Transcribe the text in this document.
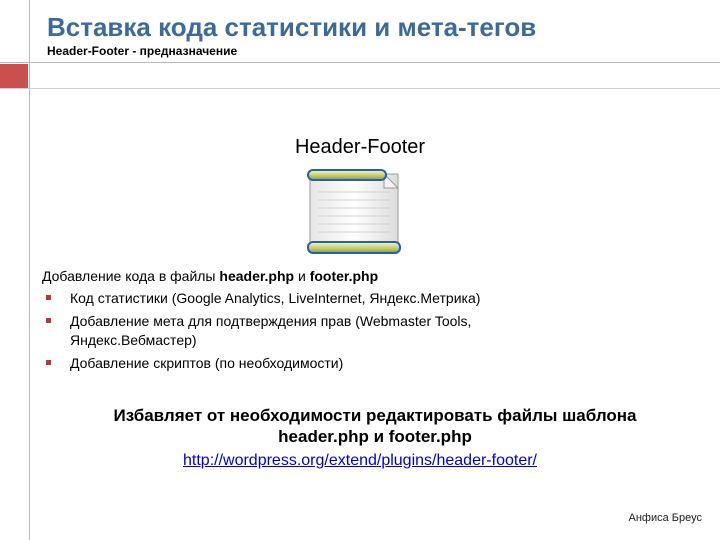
Вставка кода статистики и мета-тегов
Header-Footer - предназначение
Header-Footer
Добавление кода в файлы header.php и footer.php
Код статистики (Google Analytics, LiveInternet, Яндекс.Метрика)
Добавление мета для подтверждения прав (Webmaster Tools, Яндекс.Вебмастер)
Добавление скриптов (по необходимости)
Избавляет от необходимости редактировать файлы шаблона
header.php и footer.php
http://wordpress.org/extend/plugins/header-footer/
Анфиса Бреус
